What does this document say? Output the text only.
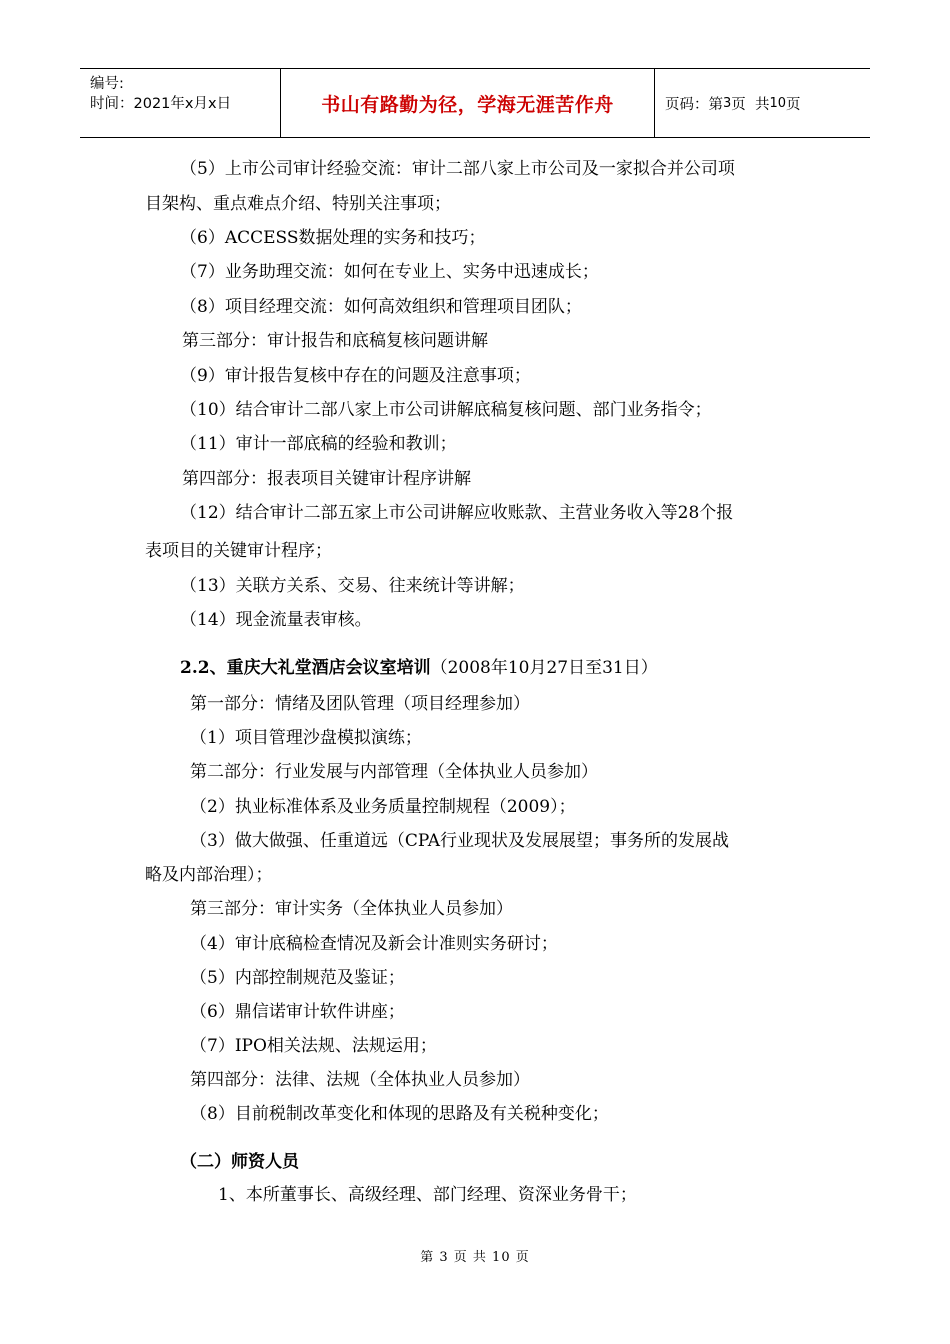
编号:
时间：2021年x月x日	书山有路勤为径，学海无涯苦作舟	页码：第 3 页  共 10 页
（5）上市公司审计经验交流：审计二部八家上市公司及一家拟合并公司项
目架构、重点难点介绍、特别关注事项；
（6）ACCESS数据处理的实务和技巧；
（7）业务助理交流：如何在专业上、实务中迅速成长；
（8）项目经理交流：如何高效组织和管理项目团队；
第三部分：审计报告和底稿复核问题讲解
（9）审计报告复核中存在的问题及注意事项；
（10）结合审计二部八家上市公司讲解底稿复核问题、部门业务指令；
（11）审计一部底稿的经验和教训；
第四部分：报表项目关键审计程序讲解
（12）结合审计二部五家上市公司讲解应收账款、主营业务收入等28个报
表项目的关键审计程序；
（13）关联方关系、交易、往来统计等讲解；
（14）现金流量表审核。
2.2、重庆大礼堂酒店会议室培训（2008年10月27日至31日）
第一部分：情绪及团队管理（项目经理参加）
（1）项目管理沙盘模拟演练；
第二部分：行业发展与内部管理（全体执业人员参加）
（2）执业标准体系及业务质量控制规程（2009）；
（3）做大做强、任重道远（CPA行业现状及发展展望；事务所的发展战
略及内部治理）；
第三部分：审计实务（全体执业人员参加）
（4）审计底稿检查情况及新会计准则实务研讨；
（5）内部控制规范及鉴证；
（6）鼎信诺审计软件讲座；
（7）IPO相关法规、法规运用；
第四部分：法律、法规（全体执业人员参加）
（8）目前税制改革变化和体现的思路及有关税种变化；
（二）师资人员
1、本所董事长、高级经理、部门经理、资深业务骨干；
第 3 页 共 10 页
